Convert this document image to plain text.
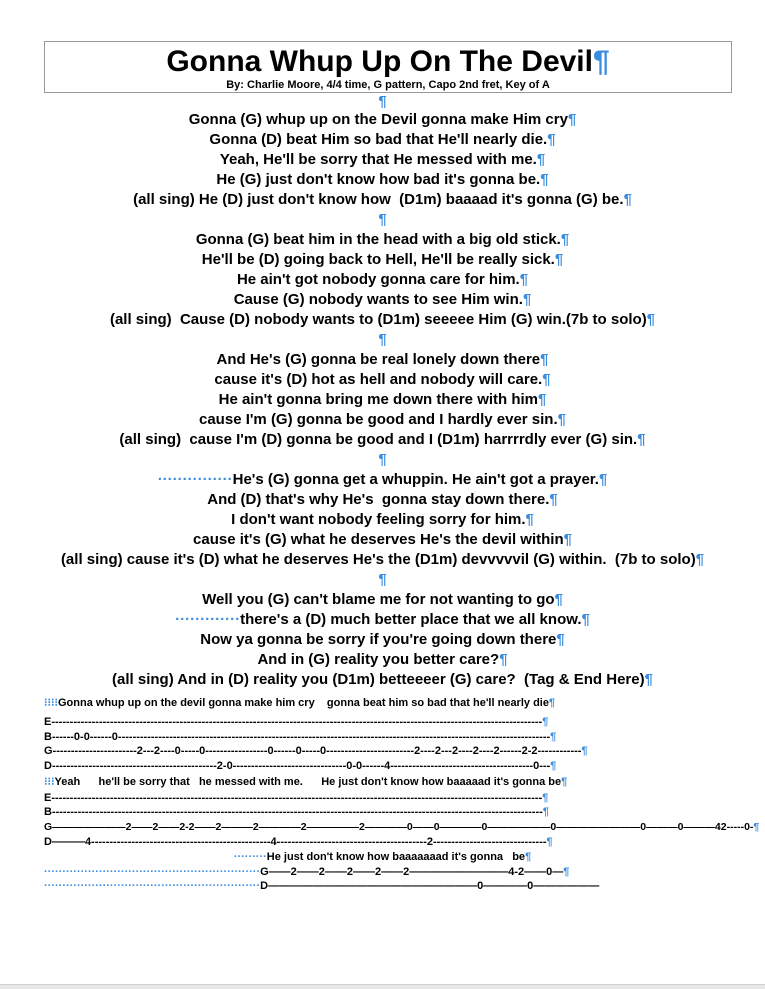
Gonna Whup Up On The Devil¶
By: Charlie Moore, 4/4 time, G pattern, Capo 2nd fret, Key of A
¶
Gonna (G) whup up on the Devil gonna make Him cry¶
Gonna (D) beat Him so bad that He'll nearly die.¶
Yeah, He'll be sorry that He messed with me.¶
He (G) just don't know how bad it's gonna be.¶
(all sing) He (D) just don't know how  (D1m) baaaad it's gonna (G) be.¶
¶
Gonna (G) beat him in the head with a big old stick.¶
He'll be (D) going back to Hell, He'll be really sick.¶
He ain't got nobody gonna care for him.¶
Cause (G) nobody wants to see Him win.¶
(all sing)  Cause (D) nobody wants to (D1m) seeeee Him (G) win.(7b to solo)¶
¶
And He's (G) gonna be real lonely down there¶
cause it's (D) hot as hell and nobody will care.¶
He ain't gonna bring me down there with him¶
cause I'm (G) gonna be good and I hardly ever sin.¶
(all sing)  cause I'm (D) gonna be good and I (D1m) harrrrdly ever (G) sin.¶
¶
···············He's (G) gonna get a whuppin. He ain't got a prayer.¶
And (D) that's why He's  gonna stay down there.¶
I don't want nobody feeling sorry for him.¶
cause it's (G) what he deserves He's the devil within¶
(all sing) cause it's (D) what he deserves He's the (D1m) devvvvvil (G) within.  (7b to solo)¶
¶
Well you (G) can't blame me for not wanting to go¶
·············there's a (D) much better place that we all know.¶
Now ya gonna be sorry if you're going down there¶
And in (G) reality you better care?¶
(all sing) And in (D) reality you (D1m) betteeeer (G) care?  (Tag & End Here)¶
⁝⁝⁝⁝Gonna whup up on the devil gonna make him cry    gonna beat him so bad that he'll nearly die¶
E--------------------------------------------------------------------------------------------------------------------------------------¶
B------0-0------0----------------------------------------------------------------------------------------------------------------------¶
G-----------------------2---2----0-----0-----------------0------0-----0------------------------2----2---2----2----2------2-2------------¶
D---------------------------------------------2-0-------------------------------0-0------4---------------------------------------0---¶
⁝⁝⁝Yeah      he'll be sorry that   he messed with me.      He just don't know how baaaaad it's gonna be¶
E--------------------------------------------------------------------------------------------------------------------------------------¶
B--------------------------------------------------------------------------------------------------------------------------------------¶
G———————2——2——2-2——2———2————2—————2————0——0————0——————0————————0———0———42-----0-¶
D———4-------------------------------------------------4-----------------------------------------2-------------------------------¶
·········He just don't know how baaaaaaad it's gonna   be¶
···························································G——2——2——2——2——2—————————4-2——0—¶
···························································D———————————————————0————0——————
